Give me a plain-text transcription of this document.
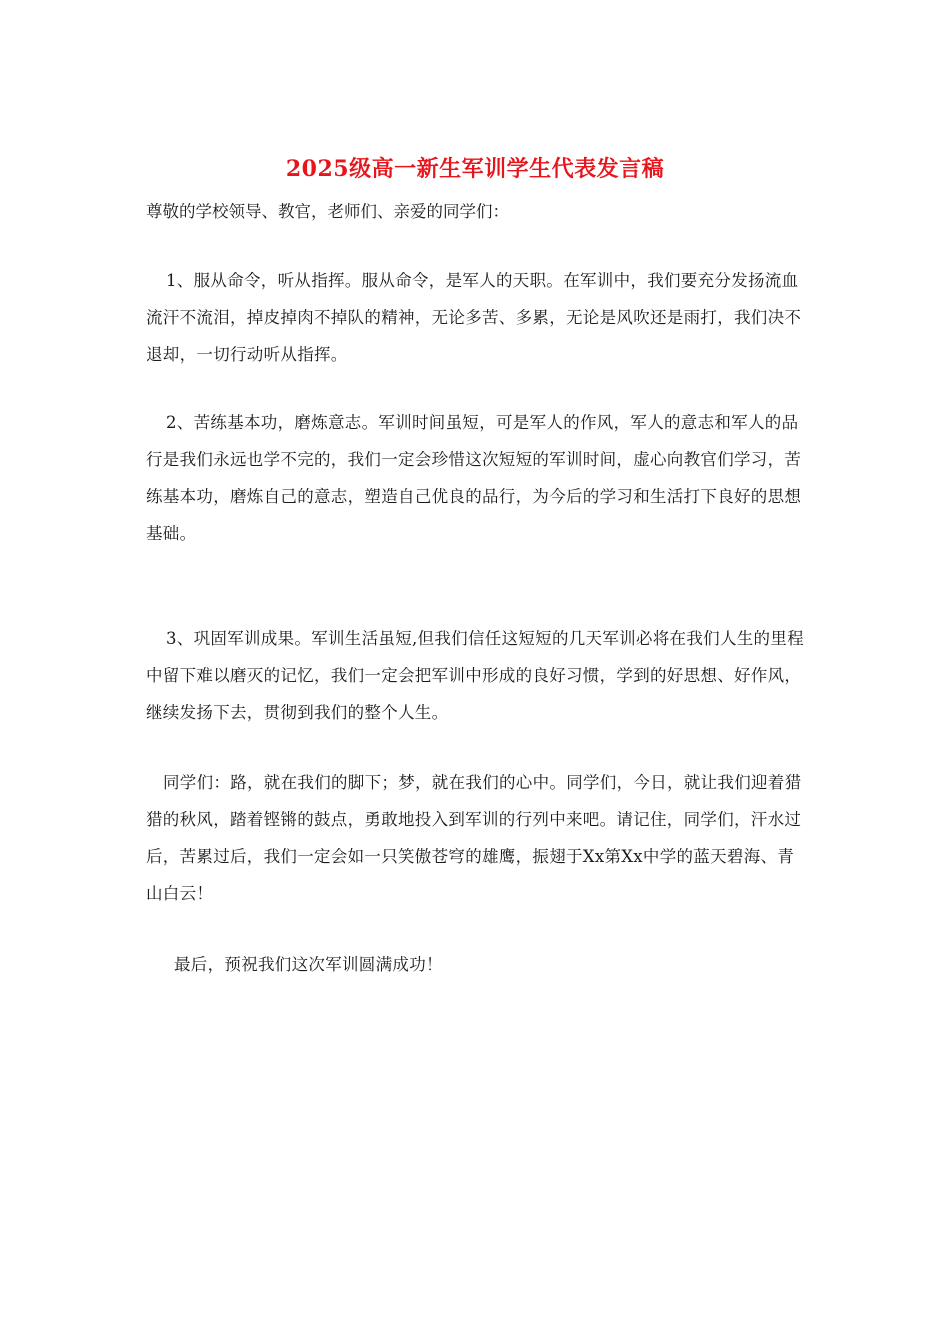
2025级高一新生军训学生代表发言稿

尊敬的学校领导、教官，老师们、亲爱的同学们：

1、服从命令，听从指挥。服从命令，是军人的天职。在军训中，我们要充分发扬流血流汗不流泪，掉皮掉肉不掉队的精神，无论多苦、多累，无论是风吹还是雨打，我们决不退却，一切行动听从指挥。

2、苦练基本功，磨炼意志。军训时间虽短，可是军人的作风，军人的意志和军人的品行是我们永远也学不完的，我们一定会珍惜这次短短的军训时间，虚心向教官们学习，苦练基本功，磨炼自己的意志，塑造自己优良的品行，为今后的学习和生活打下良好的思想基础。

3、巩固军训成果。军训生活虽短,但我们信任这短短的几天军训必将在我们人生的里程中留下难以磨灭的记忆，我们一定会把军训中形成的良好习惯，学到的好思想、好作风，继续发扬下去，贯彻到我们的整个人生。

同学们：路，就在我们的脚下；梦，就在我们的心中。同学们，今日，就让我们迎着猎猎的秋风，踏着铿锵的鼓点，勇敢地投入到军训的行列中来吧。请记住，同学们，汗水过后，苦累过后，我们一定会如一只笑傲苍穹的雄鹰，振翅于Xx第Xx中学的蓝天碧海、青山白云！

最后，预祝我们这次军训圆满成功！
